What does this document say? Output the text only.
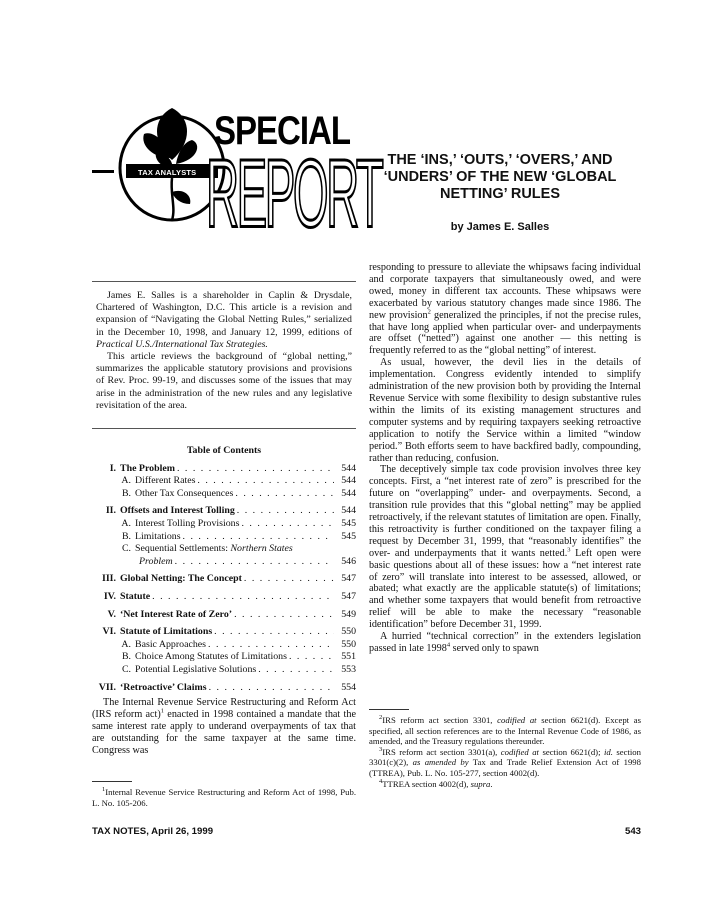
TAX ANALYSTS
SPECIAL
REPORT THE ‘INS,’ ‘OUTS,’ ‘OVERS,’ AND
‘UNDERS’ OF THE NEW ‘GLOBAL
NETTING’ RULES
by James E. Salles

James E. Salles is a shareholder in Caplin & Drysdale, Chartered of Washington, D.C. This article is a revision and expansion of “Navigating the Global Netting Rules,” serialized in the December 10, 1998, and January 12, 1999, editions of Practical U.S./International Tax Strategies.

This article reviews the background of “global netting,” summarizes the applicable statutory provisions and provisions of Rev. Proc. 99-19, and discusses some of the issues that may arise in the administration of the new rules and any legislative revisitation of the area.

Table of Contents
I. The Problem . . .	544
A. Different Rates . . .	544
B. Other Tax Consequences . . .	544
II. Offsets and Interest Tolling . . .	544
A. Interest Tolling Provisions . . .	545
B. Limitations . . .	545
C. Sequential Settlements: Northern States
Problem . . .	546
III. Global Netting: The Concept . . .	547
IV. Statute . . .	547
V. ‘Net Interest Rate of Zero’ . . .	549
VI. Statute of Limitations . . .	550
A. Basic Approaches . . .	550
B. Choice Among Statutes of Limitations . . .	551
C. Potential Legislative Solutions . . .	553
VII. ‘Retroactive’ Claims . . .	554

The Internal Revenue Service Restructuring and Reform Act (IRS reform act)$^1$ enacted in 1998 contained a mandate that the same interest rate apply to underand overpayments of tax that are outstanding for the same taxpayer at the same time. Congress was

$^1$Internal Revenue Service Restructuring and Reform Act of 1998, Pub. L. No. 105-206.

responding to pressure to alleviate the whipsaws facing individual and corporate taxpayers that simultaneously owed, and were owed, money in different tax accounts. These whipsaws were exacerbated by various statutory changes made since 1986. The new provision$^2$ generalized the principles, if not the precise rules, that have long applied when particular over- and underpayments are offset (“netted”) against one another — this netting is frequently referred to as the “global netting” of interest.

As usual, however, the devil lies in the details of implementation. Congress evidently intended to simplify administration of the new provision both by providing the Internal Revenue Service with some flexibility to design substantive rules within the limits of its existing management structures and computer systems and by requiring taxpayers seeking retroactive application to notify the Service within a limited “window period.” Both efforts seem to have backfired badly, compounding, rather than reducing, confusion.

The deceptively simple tax code provision involves three key concepts. First, a “net interest rate of zero” is prescribed for the future on “overlapping” under- and overpayments. Second, a transition rule provides that this “global netting” may be applied retroactively, if the relevant statutes of limitation are open. Finally, this retroactivity is further conditioned on the taxpayer filing a request by December 31, 1999, that “reasonably identifies” the over- and underpayments that it wants netted.$^3$ Left open were basic questions about all of these issues: how a “net interest rate of zero” will translate into interest to be assessed, allowed, or abated; what exactly are the applicable statute(s) of limitations; and whether some taxpayers that would benefit from retroactive relief will be able to make the necessary “reasonable identification” before December 31, 1999.

A hurried “technical correction” in the extenders legislation passed in late 1998$^4$ served only to spawn

$^2$IRS reform act section 3301, codified at section 6621(d). Except as specified, all section references are to the Internal Revenue Code of 1986, as amended, and the Treasury regulations thereunder.

$^3$IRS reform act section 3301(a), codified at section 6621(d); id. section 3301(c)(2), as amended by Tax and Trade Relief Extension Act of 1998 (TTREA), Pub. L. No. 105-277, section 4002(d).

$^4$TTREA section 4002(d), supra.

TAX NOTES, April 26, 1999	543
